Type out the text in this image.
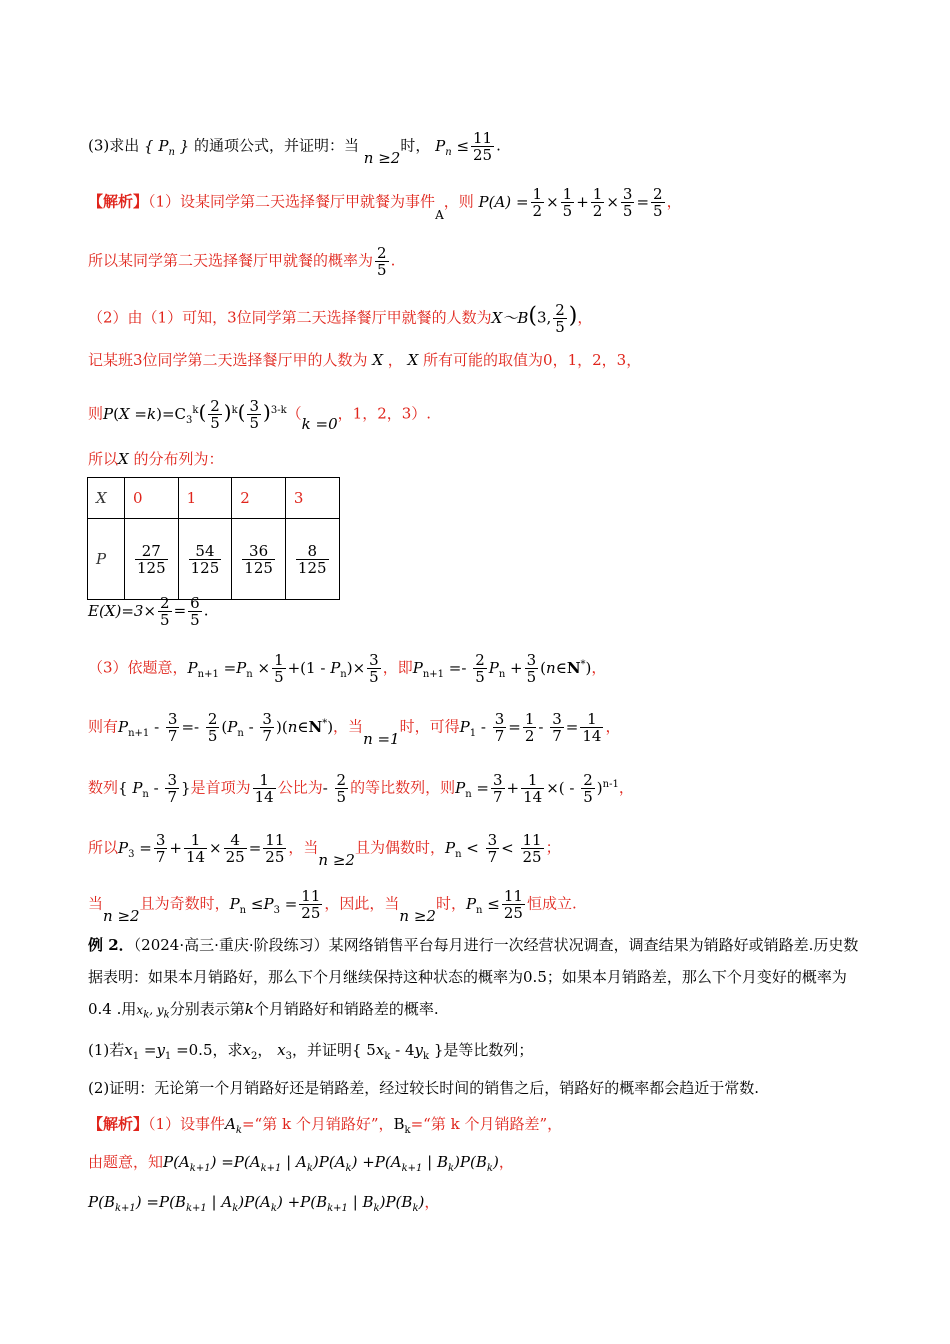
(3)求出 { $P_n$ } 的通项公式，并证明：当 n ≥2时， $P_n \le \frac{11}{25}$ .
【解析】（1）设某同学第二天选择餐厅甲就餐为事件A，则 $P(A) = \frac{1}{2} \times \frac{1}{5} + \frac{1}{2} \times \frac{3}{5} = \frac{2}{5}$ ，
所以某同学第二天选择餐厅甲就餐的概率为 $\frac{2}{5}$ .
（2）由（1）可知，3位同学第二天选择餐厅甲就餐的人数为X～B(3, $\frac{2}{5}$ )，
记某班3位同学第二天选择餐厅甲的人数为 X ， X 所有可能的取值为0，1，2，3，
则$P(X =k)=C_3^k( \frac{2}{5} )^k( \frac{3}{5} )^{3-k}(k =0$，1，2，3）.
所以X 的分布列为：
X	0	1	2	3
P	$\frac{27}{125}$	$\frac{54}{125}$	$\frac{36}{125}$	$\frac{8}{125}$
$E(X)=3\times \frac{2}{5} = \frac{6}{5}$ .
（3）依题意，$P_{n+1} =P_n \times \frac{1}{5} +(1 - P_n)\times \frac{3}{5}$ ，即$P_{n+1} =- \frac{2}{5} P_n + \frac{3}{5}$ (n∈N*)，
则有$P_{n+1} - \frac{3}{7} =- \frac{2}{5} (P_n - \frac{3}{7}$ )(n∈N*)，当n =1时，可得$P_1 - \frac{3}{7} = \frac{1}{2} - \frac{3}{7} = \frac{1}{14}$ ，
数列{ $P_n - \frac{3}{7}$ }是首项为 $\frac{1}{14}$ 公比为- $\frac{2}{5}$ 的等比数列，则$P_n = \frac{3}{7} + \frac{1}{14}$ ×( - $\frac{2}{5} )^{n-1}$，
所以$P_3 = \frac{3}{7} + \frac{1}{14} \times \frac{4}{25} = \frac{11}{25}$ ，当n ≥2且为偶数时，$P_n < \frac{3}{7} < \frac{11}{25}$ ；
当n ≥2且为奇数时，$P_n \le P_3 = \frac{11}{25}$ ，因此，当n ≥2时，$P_n \le \frac{11}{25}$ 恒成立.
例 2．（2024·高三·重庆·阶段练习）某网络销售平台每月进行一次经营状况调查，调查结果为销路好或销路差.历史数据表明：如果本月销路好，那么下个月继续保持这种状态的概率为0.5；如果本月销路差，那么下个月变好的概率为0.4 .用$x_k$, $y_k$分别表示第k个月销路好和销路差的概率.
(1)若$x_1 =y_1 =0.5$，求$x_2$， $x_3$，并证明{ $5x_k - 4y_k$ }是等比数列；
(2)证明：无论第一个月销路好还是销路差，经过较长时间的销售之后，销路好的概率都会趋近于常数.
【解析】（1）设事件$A_k=“$第 k 个月销路好”，$B_k=“$第 k 个月销路差”，
由题意，知$P(A_{k+1}) =P(A_{k+1}$ | $A_k)P(A_k) +P(A_{k+1}$ | $B_k)P(B_k)$，
$P(B_{k+1}) =P(B_{k+1}$ | $A_k)P(A_k) +P(B_{k+1}$ | $B_k)P(B_k)$，
